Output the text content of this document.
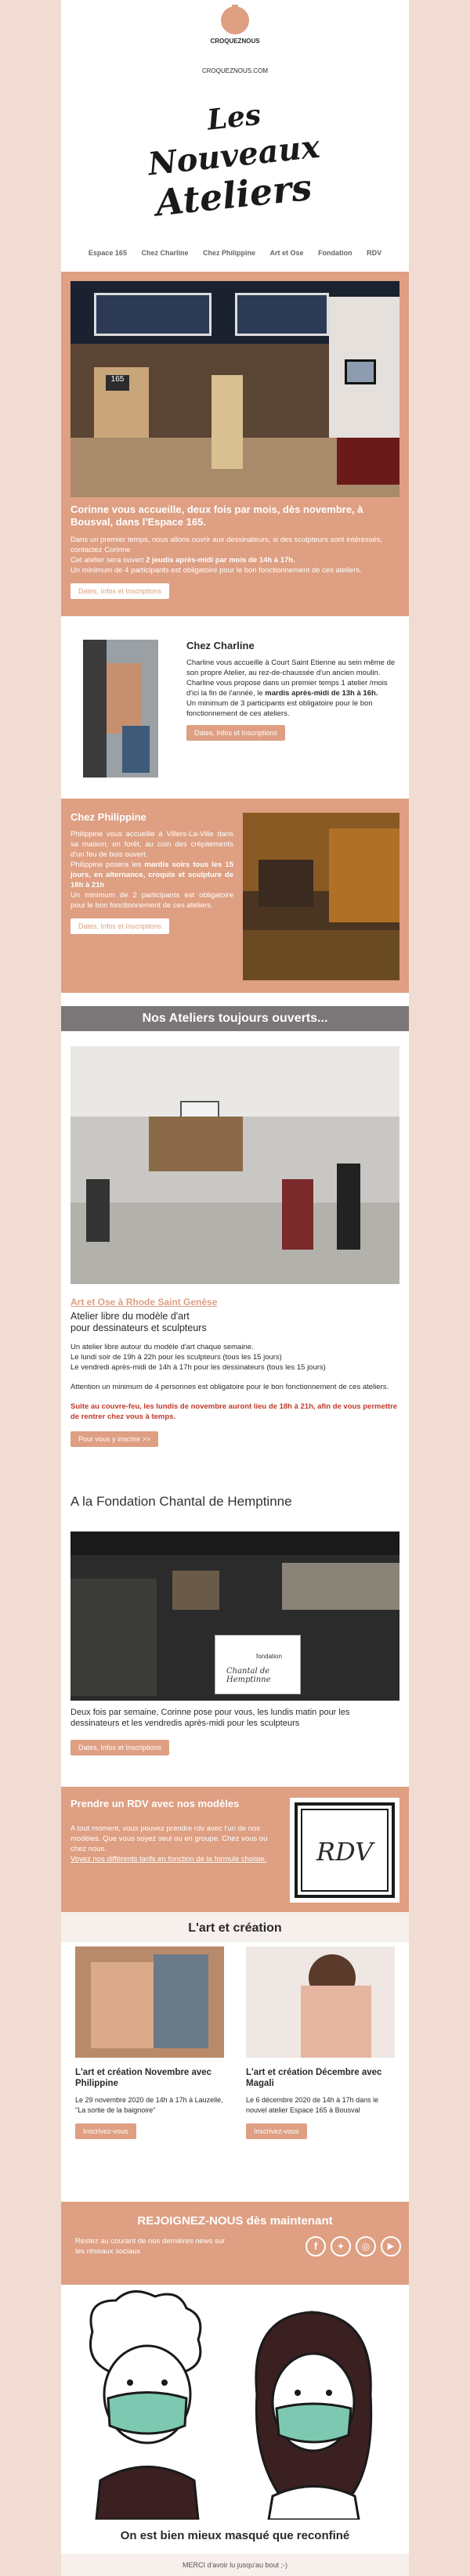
CROQUEZNOUS
CROQUEZNOUS.COM
Les
Nouveaux
Ateliers
Espace 165 Chez Charline Chez Philippine Art et Ose Fondation RDV
165
Corinne vous accueille, deux fois par mois, dès novembre, à Bousval, dans l'Espace 165.

Dans un premier temps, nous allons ouvrir aux dessinateurs, si des sculpteurs sont intéressés, contactez Corinne

Cet atelier sera ouvert 2 jeudis après-midi par mois de 14h à 17h.

Un minimum de 4 participants est obligatoire pour le bon fonctionnement de ces ateliers.

Dates, Infos et Inscriptions
Chez Charline

Charline vous accueille à Court Saint Etienne au sein même de son propre Atelier, au rez-de-chaussée d'un ancien moulin.

Charline vous propose dans un premier temps 1 atelier /mois d'ici la fin de l'année, le mardis après-midi de 13h à 16h.

Un minimum de 3 participants est obligatoire pour le bon fonctionnement de ces ateliers.

Dates, Infos et Inscriptions
Chez Philippine

Philippine vous accueille à Villers-La-Ville dans sa maison, en forêt, au coin des crépitements d'un feu de bois ouvert.

Philippine posera les mardis soirs tous les 15 jours, en alternance, croquis et sculpture de 18h à 21h

Un minimum de 2 participants est obligatoire pour le bon fonctionnement de ces ateliers.

Dates, Infos et Inscriptions
Nos Ateliers toujours ouverts...
Art et Ose à Rhode Saint Genèse
Atelier libre du modèle d'art
pour dessinateurs et sculpteurs

Un atelier libre autour du modèle d'art chaque semaine.

Le lundi soir de 19h à 22h pour les sculpteurs (tous les 15 jours)

Le vendredi après-midi de 14h à 17h pour les dessinateurs (tous les 15 jours)

Attention un minimum de 4 personnes est obligatoire pour le bon fonctionnement de ces ateliers.

Suite au couvre-feu, les lundis de novembre auront lieu de 18h à 21h, afin de vous permettre de rentrer chez vous à temps.

Pour vous y inscrire >>
A la Fondation Chantal de Hemptinne
fondation
Chantal de Hemptinne

Deux fois par semaine, Corinne pose pour vous, les lundis matin pour les dessinateurs et les vendredis après-midi pour les sculpteurs

Dates, Infos et Inscriptions
Prendre un RDV avec nos modèles

A tout moment, vous pouvez prendre rdv avec l'un de nos modèles. Que vous soyez seul ou en groupe. Chez vous ou chez nous.

Voyez nos différents tarifs en fonction de la formule choisie.	RDV
L'art et création
L'art et création Novembre avec Philippine

Le 29 novembre 2020 de 14h à 17h à Lauzelle, "La sortie de la baignoire"

Inscrivez-vous
L'art et création Décembre avec Magali

Le 6 décembre 2020 de 14h à 17h dans le nouvel atelier Espace 165 à Bousval

Inscrivez-vous
REJOIGNEZ-NOUS dès maintenant

Restez au courant de nos dernières news sur les réseaux sociaux	f	✦	◎	▶
On est bien mieux masqué que reconfiné
MERCI d'avoir lu jusqu'au bout ;-)
